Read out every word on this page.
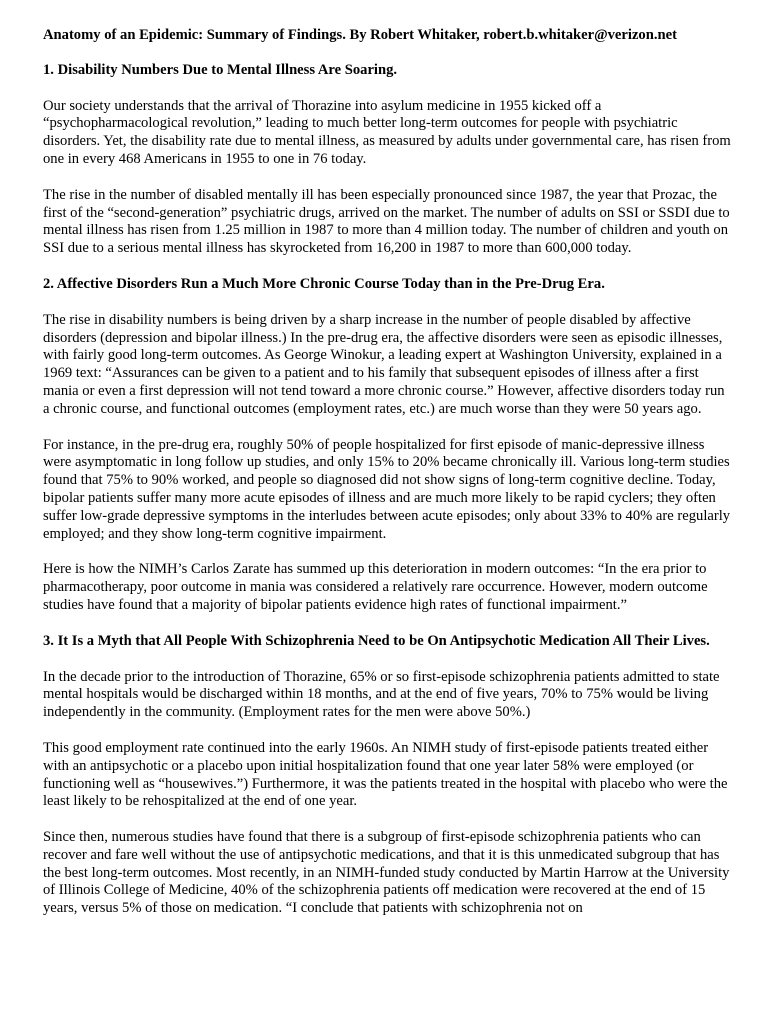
Anatomy of an Epidemic: Summary of Findings. By Robert Whitaker, robert.b.whitaker@verizon.net
1. Disability Numbers Due to Mental Illness Are Soaring.

Our society understands that the arrival of Thorazine into asylum medicine in 1955 kicked off a “psychopharmacological revolution,” leading to much better long-term outcomes for people with psychiatric disorders. Yet, the disability rate due to mental illness, as measured by adults under governmental care, has risen from one in every 468 Americans in 1955 to one in 76 today.

The rise in the number of disabled mentally ill has been especially pronounced since 1987, the year that Prozac, the first of the “second-generation” psychiatric drugs, arrived on the market. The number of adults on SSI or SSDI due to mental illness has risen from 1.25 million in 1987 to more than 4 million today. The number of children and youth on SSI due to a serious mental illness has skyrocketed from 16,200 in 1987 to more than 600,000 today.

2. Affective Disorders Run a Much More Chronic Course Today than in the Pre-Drug Era.

The rise in disability numbers is being driven by a sharp increase in the number of people disabled by affective disorders (depression and bipolar illness.) In the pre-drug era, the affective disorders were seen as episodic illnesses, with fairly good long-term outcomes. As George Winokur, a leading expert at Washington University, explained in a 1969 text: “Assurances can be given to a patient and to his family that subsequent episodes of illness after a first mania or even a first depression will not tend toward a more chronic course.” However, affective disorders today run a chronic course, and functional outcomes (employment rates, etc.) are much worse than they were 50 years ago.

For instance, in the pre-drug era, roughly 50% of people hospitalized for first episode of manic-depressive illness were asymptomatic in long follow up studies, and only 15% to 20% became chronically ill. Various long-term studies found that 75% to 90% worked, and people so diagnosed did not show signs of long-term cognitive decline. Today, bipolar patients suffer many more acute episodes of illness and are much more likely to be rapid cyclers; they often suffer low-grade depressive symptoms in the interludes between acute episodes; only about 33% to 40% are regularly employed; and they show long-term cognitive impairment.

Here is how the NIMH’s Carlos Zarate has summed up this deterioration in modern outcomes: “In the era prior to pharmacotherapy, poor outcome in mania was considered a relatively rare occurrence. However, modern outcome studies have found that a majority of bipolar patients evidence high rates of functional impairment.”

3. It Is a Myth that All People With Schizophrenia Need to be On Antipsychotic Medication All Their Lives.

In the decade prior to the introduction of Thorazine, 65% or so first-episode schizophrenia patients admitted to state mental hospitals would be discharged within 18 months, and at the end of five years, 70% to 75% would be living independently in the community. (Employment rates for the men were above 50%.)

This good employment rate continued into the early 1960s. An NIMH study of first-episode patients treated either with an antipsychotic or a placebo upon initial hospitalization found that one year later 58% were employed (or functioning well as “housewives.”) Furthermore, it was the patients treated in the hospital with placebo who were the least likely to be rehospitalized at the end of one year.

Since then, numerous studies have found that there is a subgroup of first-episode schizophrenia patients who can recover and fare well without the use of antipsychotic medications, and that it is this unmedicated subgroup that has the best long-term outcomes. Most recently, in an NIMH-funded study conducted by Martin Harrow at the University of Illinois College of Medicine, 40% of the schizophrenia patients off medication were recovered at the end of 15 years, versus 5% of those on medication. “I conclude that patients with schizophrenia not on
